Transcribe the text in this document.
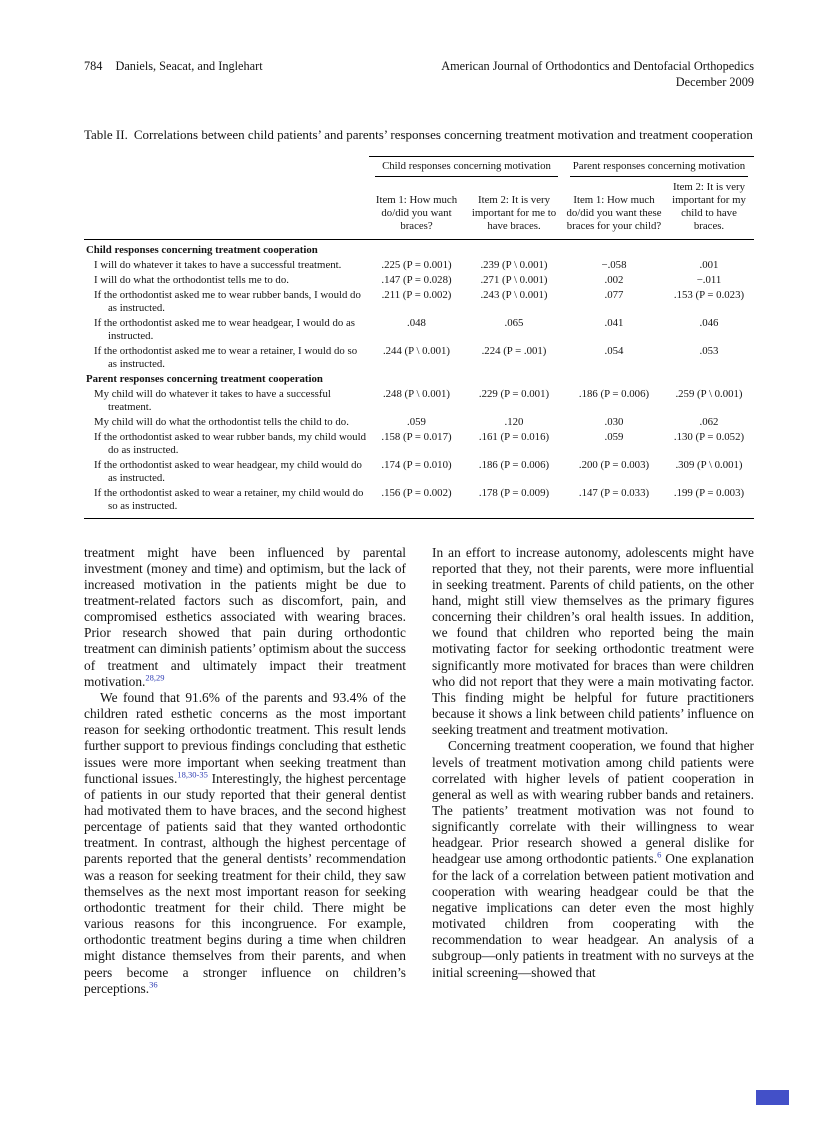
784 Daniels, Seacat, and Inglehart	American Journal of Orthodontics and Dentofacial Orthopedics
December 2009
Table II. Correlations between child patients’ and parents’ responses concerning treatment motivation and treatment cooperation

	Child responses concerning motivation		Parent responses concerning motivation	

	Item 1: How much do/did you want braces?	Item 2: It is very important for me to have braces.	Item 1: How much do/did you want these braces for your child?	Item 2: It is very important for my child to have braces.
Child responses concerning treatment cooperation				
I will do whatever it takes to have a successful treatment.	.225 (P = 0.001)	.239 (P \ 0.001)	−.058	.001
I will do what the orthodontist tells me to do.	.147 (P = 0.028)	.271 (P \ 0.001)	.002	−.011
If the orthodontist asked me to wear rubber bands, I would do as instructed.	.211 (P = 0.002)	.243 (P \ 0.001)	.077	.153 (P = 0.023)
If the orthodontist asked me to wear headgear, I would do as instructed.	.048	.065	.041	.046
If the orthodontist asked me to wear a retainer, I would do so as instructed.	.244 (P \ 0.001)	.224 (P = .001)	.054	.053
Parent responses concerning treatment cooperation				
My child will do whatever it takes to have a successful treatment.	.248 (P \ 0.001)	.229 (P = 0.001)	.186 (P = 0.006)	.259 (P \ 0.001)
My child will do what the orthodontist tells the child to do.	.059	.120	.030	.062
If the orthodontist asked to wear rubber bands, my child would do as instructed.	.158 (P = 0.017)	.161 (P = 0.016)	.059	.130 (P = 0.052)
If the orthodontist asked to wear headgear, my child would do as instructed.	.174 (P = 0.010)	.186 (P = 0.006)	.200 (P = 0.003)	.309 (P \ 0.001)
If the orthodontist asked to wear a retainer, my child would do so as instructed.	.156 (P = 0.002)	.178 (P = 0.009)	.147 (P = 0.033)	.199 (P = 0.003)

treatment might have been influenced by parental investment (money and time) and optimism, but the lack of increased motivation in the patients might be due to treatment-related factors such as discomfort, pain, and compromised esthetics associated with wearing braces. Prior research showed that pain during orthodontic treatment can diminish patients’ optimism about the success of treatment and ultimately impact their treatment motivation.$^{28,29}$

We found that 91.6% of the parents and 93.4% of the children rated esthetic concerns as the most important reason for seeking orthodontic treatment. This result lends further support to previous findings concluding that esthetic issues were more important when seeking treatment than functional issues.$^{18,30-35}$ Interestingly, the highest percentage of patients in our study reported that their general dentist had motivated them to have braces, and the second highest percentage of patients said that they wanted orthodontic treatment. In contrast, although the highest percentage of parents reported that the general dentists’ recommendation was a reason for seeking treatment for their child, they saw themselves as the next most important reason for seeking orthodontic treatment for their child. There might be various reasons for this incongruence. For example, orthodontic treatment begins during a time when children might distance themselves from their parents, and when peers become a stronger influence on children’s perceptions.$^{36}$

In an effort to increase autonomy, adolescents might have reported that they, not their parents, were more influential in seeking treatment. Parents of child patients, on the other hand, might still view themselves as the primary figures concerning their children’s oral health issues. In addition, we found that children who reported being the main motivating factor for seeking orthodontic treatment were significantly more motivated for braces than were children who did not report that they were a main motivating factor. This finding might be helpful for future practitioners because it shows a link between child patients’ influence on seeking treatment and treatment motivation.

Concerning treatment cooperation, we found that higher levels of treatment motivation among child patients were correlated with higher levels of patient cooperation in general as well as with wearing rubber bands and retainers. The patients’ treatment motivation was not found to significantly correlate with their willingness to wear headgear. Prior research showed a general dislike for headgear use among orthodontic patients.$^6$ One explanation for the lack of a correlation between patient motivation and cooperation with wearing headgear could be that the negative implications can deter even the most highly motivated children from cooperating with the recommendation to wear headgear. An analysis of a subgroup—only patients in treatment with no surveys at the initial screening—showed that
